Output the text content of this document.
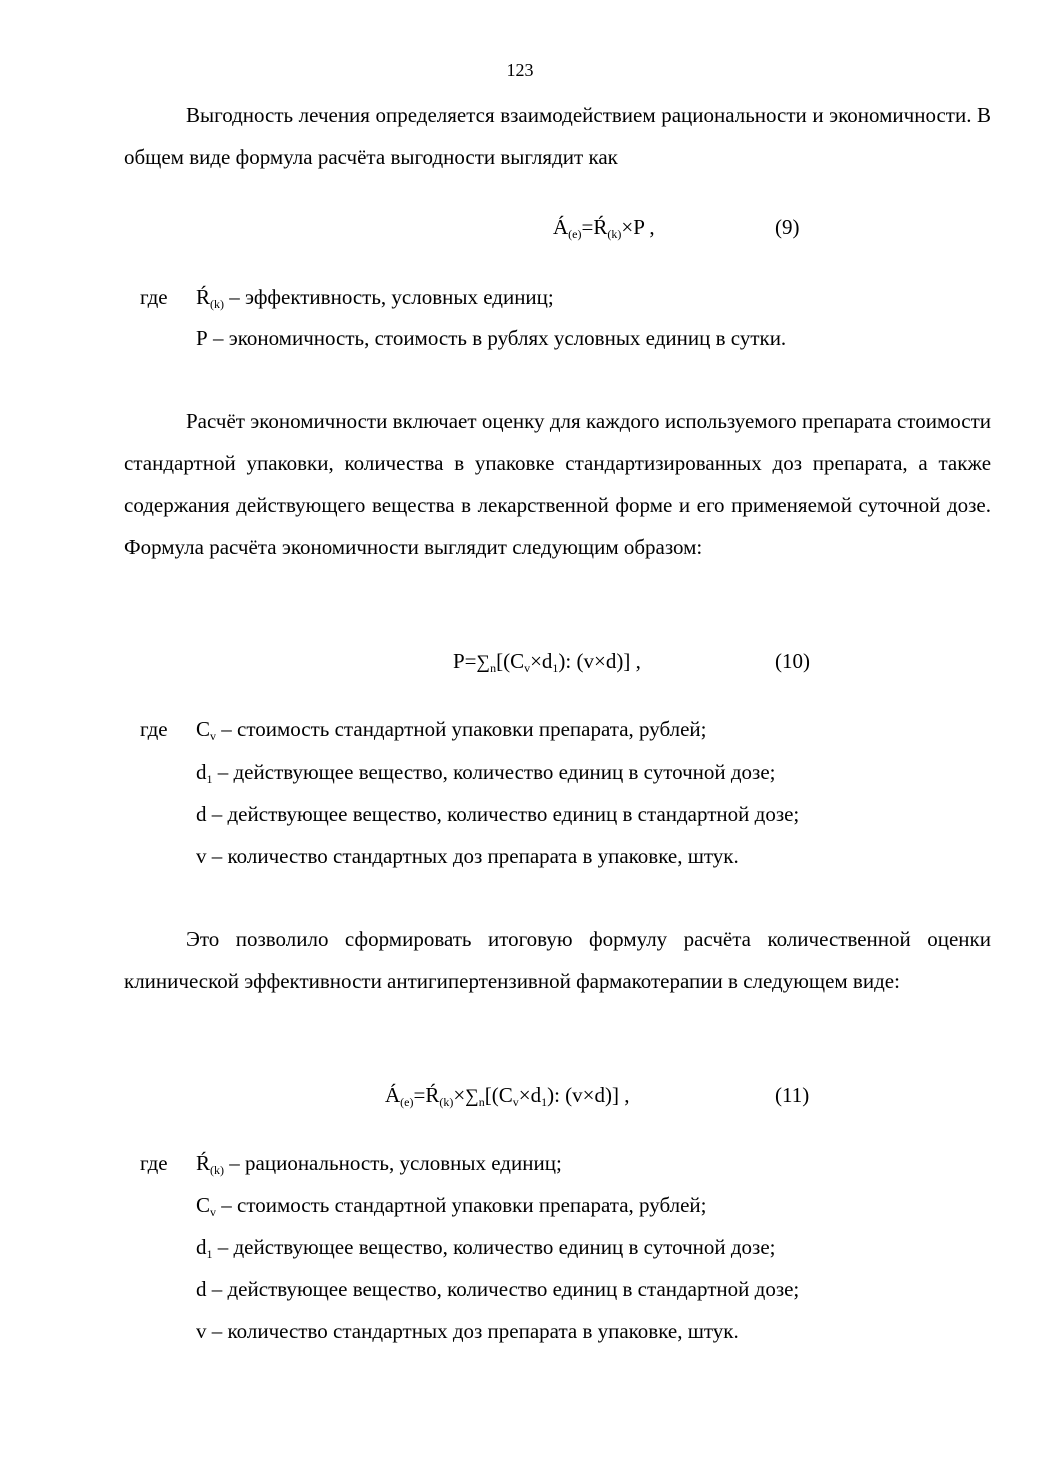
123

Выгодность лечения определяется взаимодействием рациональности и экономичности. В общем виде формула расчёта выгодности выглядит как

$Á_{(e)}=Ŕ_{(k)}\times P$ ,	(9)
где $Ŕ_{(k)}$ – эффективность, условных единиц;
Р – экономичность, стоимость в рублях условных единиц в сутки.

Расчёт экономичности включает оценку для каждого используемого препарата стоимости стандартной упаковки, количества в упаковке стандартизированных доз препарата, а также содержания действующего вещества в лекарственной форме и его применяемой суточной дозе. Формула расчёта экономичности выглядит следующим образом:

$P=\sum_n[(C_v\times d_1)$: (v×d)] ,	(10)
где $C_v$ – стоимость стандартной упаковки препарата, рублей;
$d_1$ – действующее вещество, количество единиц в суточной дозе;
d – действующее вещество, количество единиц в стандартной дозе;
v – количество стандартных доз препарата в упаковке, штук.

Это позволило сформировать итоговую формулу расчёта количественной оценки клинической эффективности антигипертензивной фармакотерапии в следующем виде:

$Á_{(e)}=Ŕ_{(k)}\times\sum_n[(C_v\times d_1)$: (v×d)] ,	(11)
где $Ŕ_{(k)}$ – рациональность, условных единиц;
$C_v$ – стоимость стандартной упаковки препарата, рублей;
$d_1$ – действующее вещество, количество единиц в суточной дозе;
d – действующее вещество, количество единиц в стандартной дозе;
v – количество стандартных доз препарата в упаковке, штук.
